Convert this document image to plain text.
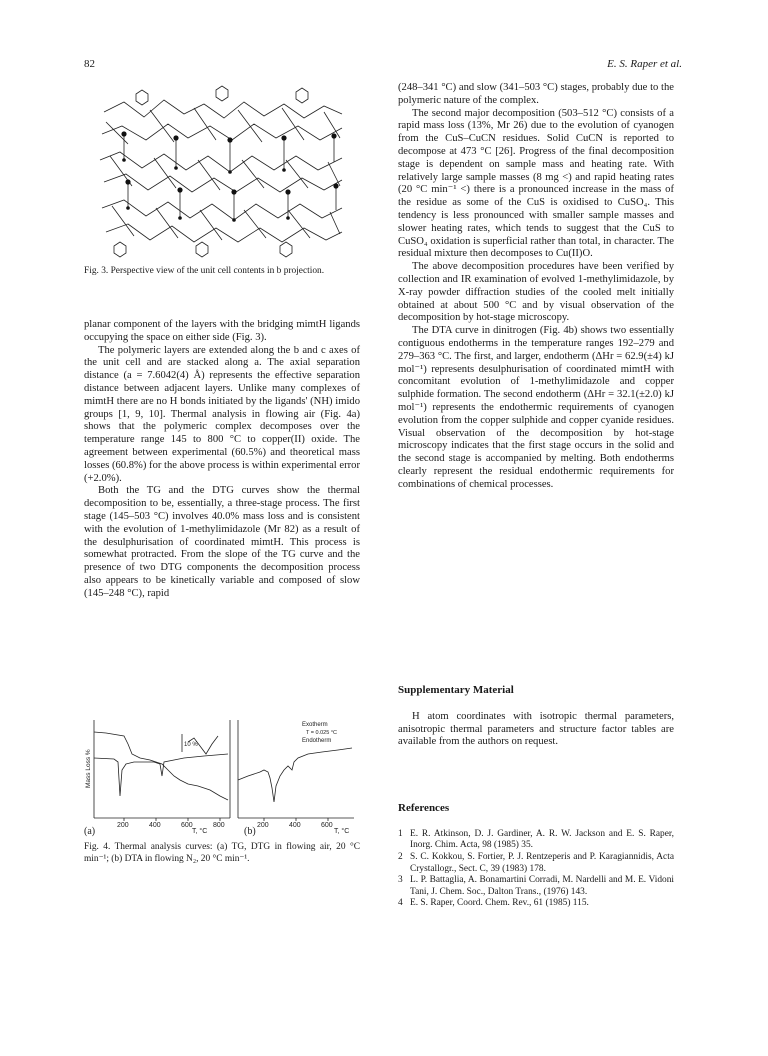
82	E. S. Raper et al.
Fig. 3. Perspective view of the unit cell contents in b projection.

planar component of the layers with the bridging mimtH ligands occupying the space on either side (Fig. 3).

The polymeric layers are extended along the b and c axes of the unit cell and are stacked along a. The axial separation distance (a = 7.6042(4) Å) represents the effective separation distance between adjacent layers. Unlike many complexes of mimtH there are no H bonds initiated by the ligands' (NH) imido groups [1, 9, 10]. Thermal analysis in flowing air (Fig. 4a) shows that the polymeric complex decomposes over the temperature range 145 to 800 °C to copper(II) oxide. The agreement between experimental (60.5%) and theoretical mass losses (60.8%) for the above process is within experimental error (+2.0%).

Both the TG and the DTG curves show the thermal decomposition to be, essentially, a three-stage process. The first stage (145–503 °C) involves 40.0% mass loss and is consistent with the evolution of 1-methylimidazole (Mr 82) as a result of the desulphurisation of coordinated mimtH. This process is somewhat protracted. From the slope of the TG curve and the presence of two DTG components the decomposition process also appears to be kinetically variable and composed of slow (145–248 °C), rapid

Mass Loss %
10 %
Exotherm
T = 0.025 °C
Endotherm
(a)
200	400	600
T, °C
800
(b)
200	400	600
T, °C
Fig. 4. Thermal analysis curves: (a) TG, DTG in flowing air, 20 °C min⁻¹; (b) DTA in flowing N₂, 20 °C min⁻¹.

(248–341 °C) and slow (341–503 °C) stages, probably due to the polymeric nature of the complex.

The second major decomposition (503–512 °C) consists of a rapid mass loss (13%, Mr 26) due to the evolution of cyanogen from the CuS–CuCN residues. Solid CuCN is reported to decompose at 473 °C [26]. Progress of the final decomposition stage is dependent on sample mass and heating rate. With relatively large sample masses (8 mg <) and rapid heating rates (20 °C min⁻¹ <) there is a pronounced increase in the mass of the residue as some of the CuS is oxidised to CuSO₄. This tendency is less pronounced with smaller sample masses and slower heating rates, which tends to suggest that the CuS to CuSO₄ oxidation is superficial rather than total, in character. The residual mixture then decomposes to Cu(II)O.

The above decomposition procedures have been verified by collection and IR examination of evolved 1-methylimidazole, by X-ray powder diffraction studies of the cooled melt initially obtained at about 500 °C and by visual observation of the decomposition by hot-stage microscopy.

The DTA curve in dinitrogen (Fig. 4b) shows two essentially contiguous endotherms in the temperature ranges 192–279 and 279–363 °C. The first, and larger, endotherm (ΔHr = 62.9(±4) kJ mol⁻¹) represents desulphurisation of coordinated mimtH with concomitant evolution of 1-methylimidazole and copper sulphide formation. The second endotherm (ΔHr = 32.1(±2.0) kJ mol⁻¹) represents the endothermic requirements of cyanogen evolution from the copper sulphide and copper cyanide residues. Visual observation of the decomposition by hot-stage microscopy indicates that the first stage occurs in the solid and the second stage is accompanied by melting. Both endotherms clearly represent the residual endothermic requirements for combinations of chemical processes.

Supplementary Material

H atom coordinates with isotropic thermal parameters, anisotropic thermal parameters and structure factor tables are available from the authors on request.

References
1 E. R. Atkinson, D. J. Gardiner, A. R. W. Jackson and E. S. Raper, Inorg. Chim. Acta, 98 (1985) 35.
2 S. C. Kokkou, S. Fortier, P. J. Rentzeperis and P. Karagiannidis, Acta Crystallogr., Sect. C, 39 (1983) 178.
3 L. P. Battaglia, A. Bonamartini Corradi, M. Nardelli and M. E. Vidoni Tani, J. Chem. Soc., Dalton Trans., (1976) 143.
4 E. S. Raper, Coord. Chem. Rev., 61 (1985) 115.
